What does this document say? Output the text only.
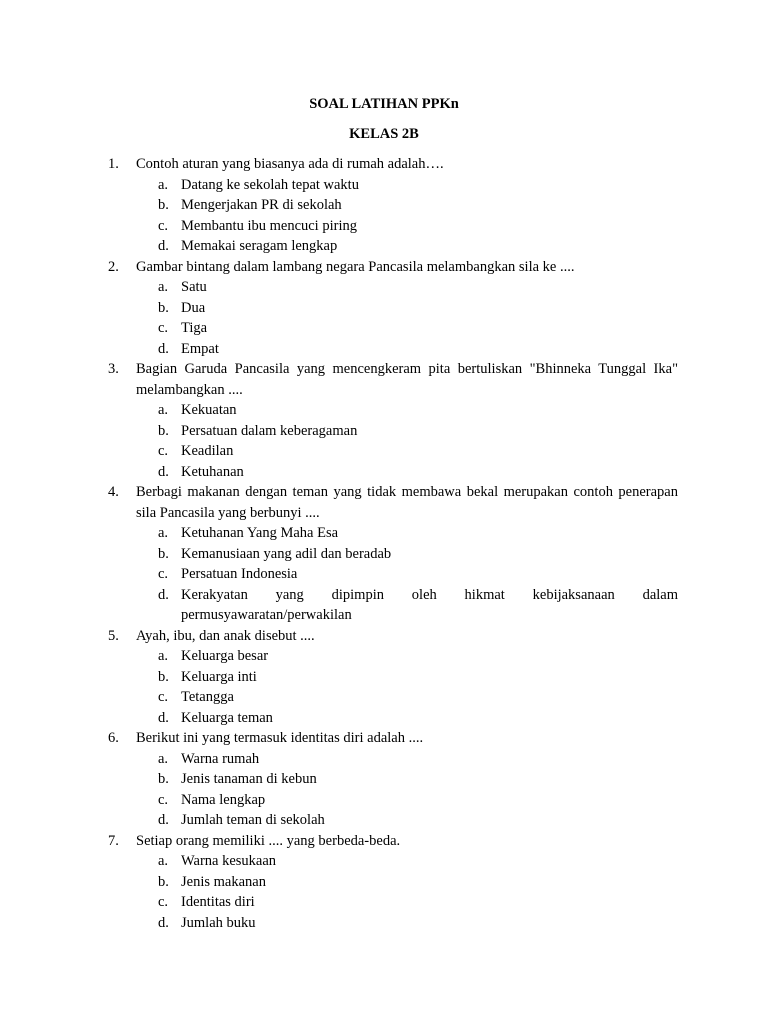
SOAL LATIHAN PPKn
KELAS 2B
1.	Contoh aturan yang biasanya ada di rumah adalah….
a. Datang ke sekolah tepat waktu
b. Mengerjakan PR di sekolah
c. Membantu ibu mencuci piring
d. Memakai seragam lengkap
2.	Gambar bintang dalam lambang negara Pancasila melambangkan sila ke ....
a. Satu
b. Dua
c. Tiga
d. Empat
3.	Bagian Garuda Pancasila yang mencengkeram pita bertuliskan "Bhinneka Tunggal Ika" melambangkan ....
a. Kekuatan
b. Persatuan dalam keberagaman
c. Keadilan
d. Ketuhanan
4.	Berbagi makanan dengan teman yang tidak membawa bekal merupakan contoh penerapan sila Pancasila yang berbunyi ....
a. Ketuhanan Yang Maha Esa
b. Kemanusiaan yang adil dan beradab
c. Persatuan Indonesia
d. Kerakyatan yang dipimpin oleh hikmat kebijaksanaan dalam permusyawaratan/perwakilan
5.	Ayah, ibu, dan anak disebut ....
a. Keluarga besar
b. Keluarga inti
c. Tetangga
d. Keluarga teman
6.	Berikut ini yang termasuk identitas diri adalah ....
a. Warna rumah
b. Jenis tanaman di kebun
c. Nama lengkap
d. Jumlah teman di sekolah
7.	Setiap orang memiliki .... yang berbeda-beda.
a. Warna kesukaan
b. Jenis makanan
c. Identitas diri
d. Jumlah buku
